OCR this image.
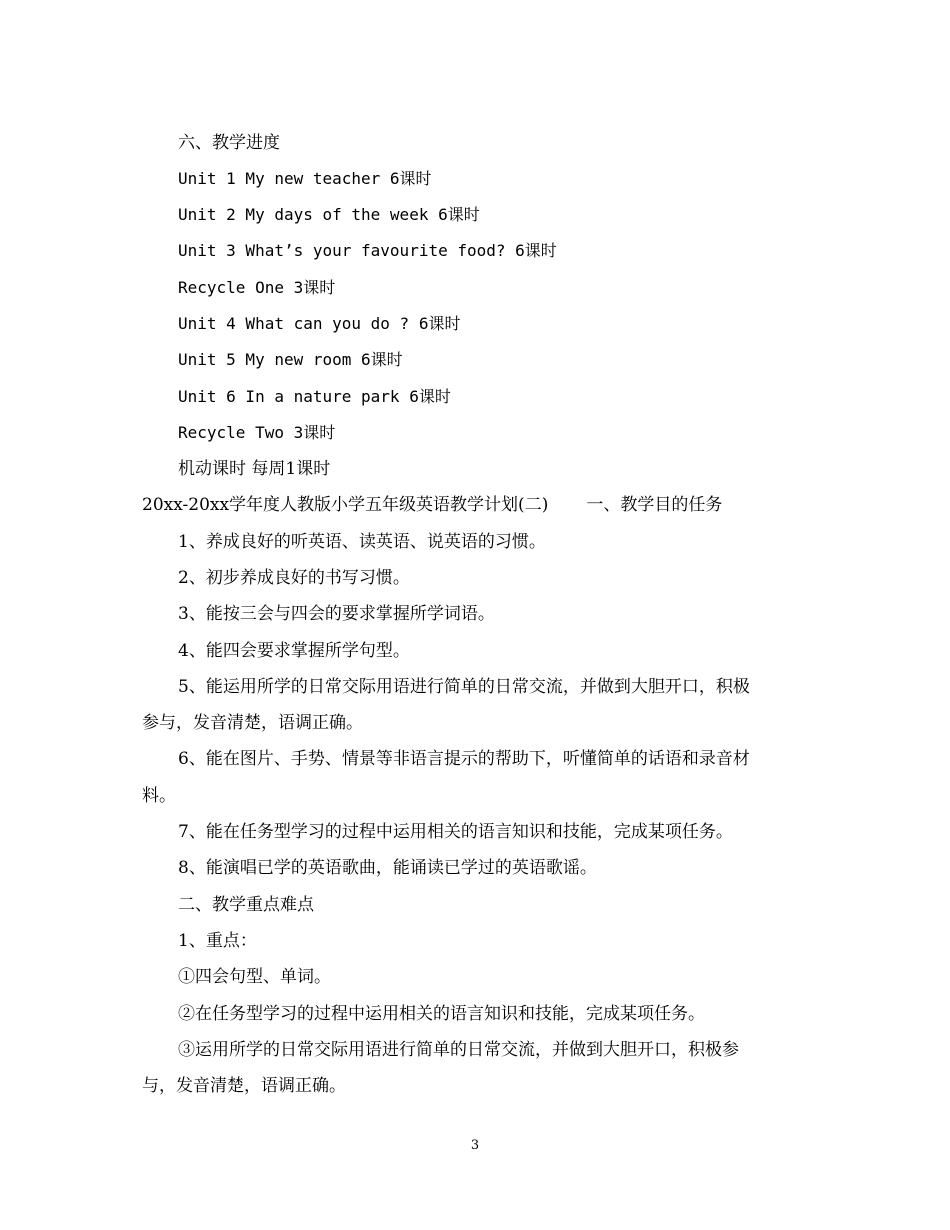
六、教学进度
Unit 1 My new teacher 6课时
Unit 2 My days of the week 6课时
Unit 3 What’s your favourite food? 6课时
Recycle One 3课时
Unit 4 What can you do ? 6课时
Unit 5 My new room 6课时
Unit 6 In a nature park 6课时
Recycle Two 3课时
机动课时 每周1课时
20xx-20xx学年度人教版小学五年级英语教学计划(二) 一、教学目的任务
1、养成良好的听英语、读英语、说英语的习惯。
2、初步养成良好的书写习惯。
3、能按三会与四会的要求掌握所学词语。
4、能四会要求掌握所学句型。
5、能运用所学的日常交际用语进行简单的日常交流，并做到大胆开口，积极
参与，发音清楚，语调正确。
6、能在图片、手势、情景等非语言提示的帮助下，听懂简单的话语和录音材
料。
7、能在任务型学习的过程中运用相关的语言知识和技能，完成某项任务。
8、能演唱已学的英语歌曲，能诵读已学过的英语歌谣。
二、教学重点难点
1、重点：
①四会句型、单词。
②在任务型学习的过程中运用相关的语言知识和技能，完成某项任务。
③运用所学的日常交际用语进行简单的日常交流，并做到大胆开口，积极参
与，发音清楚，语调正确。
3
